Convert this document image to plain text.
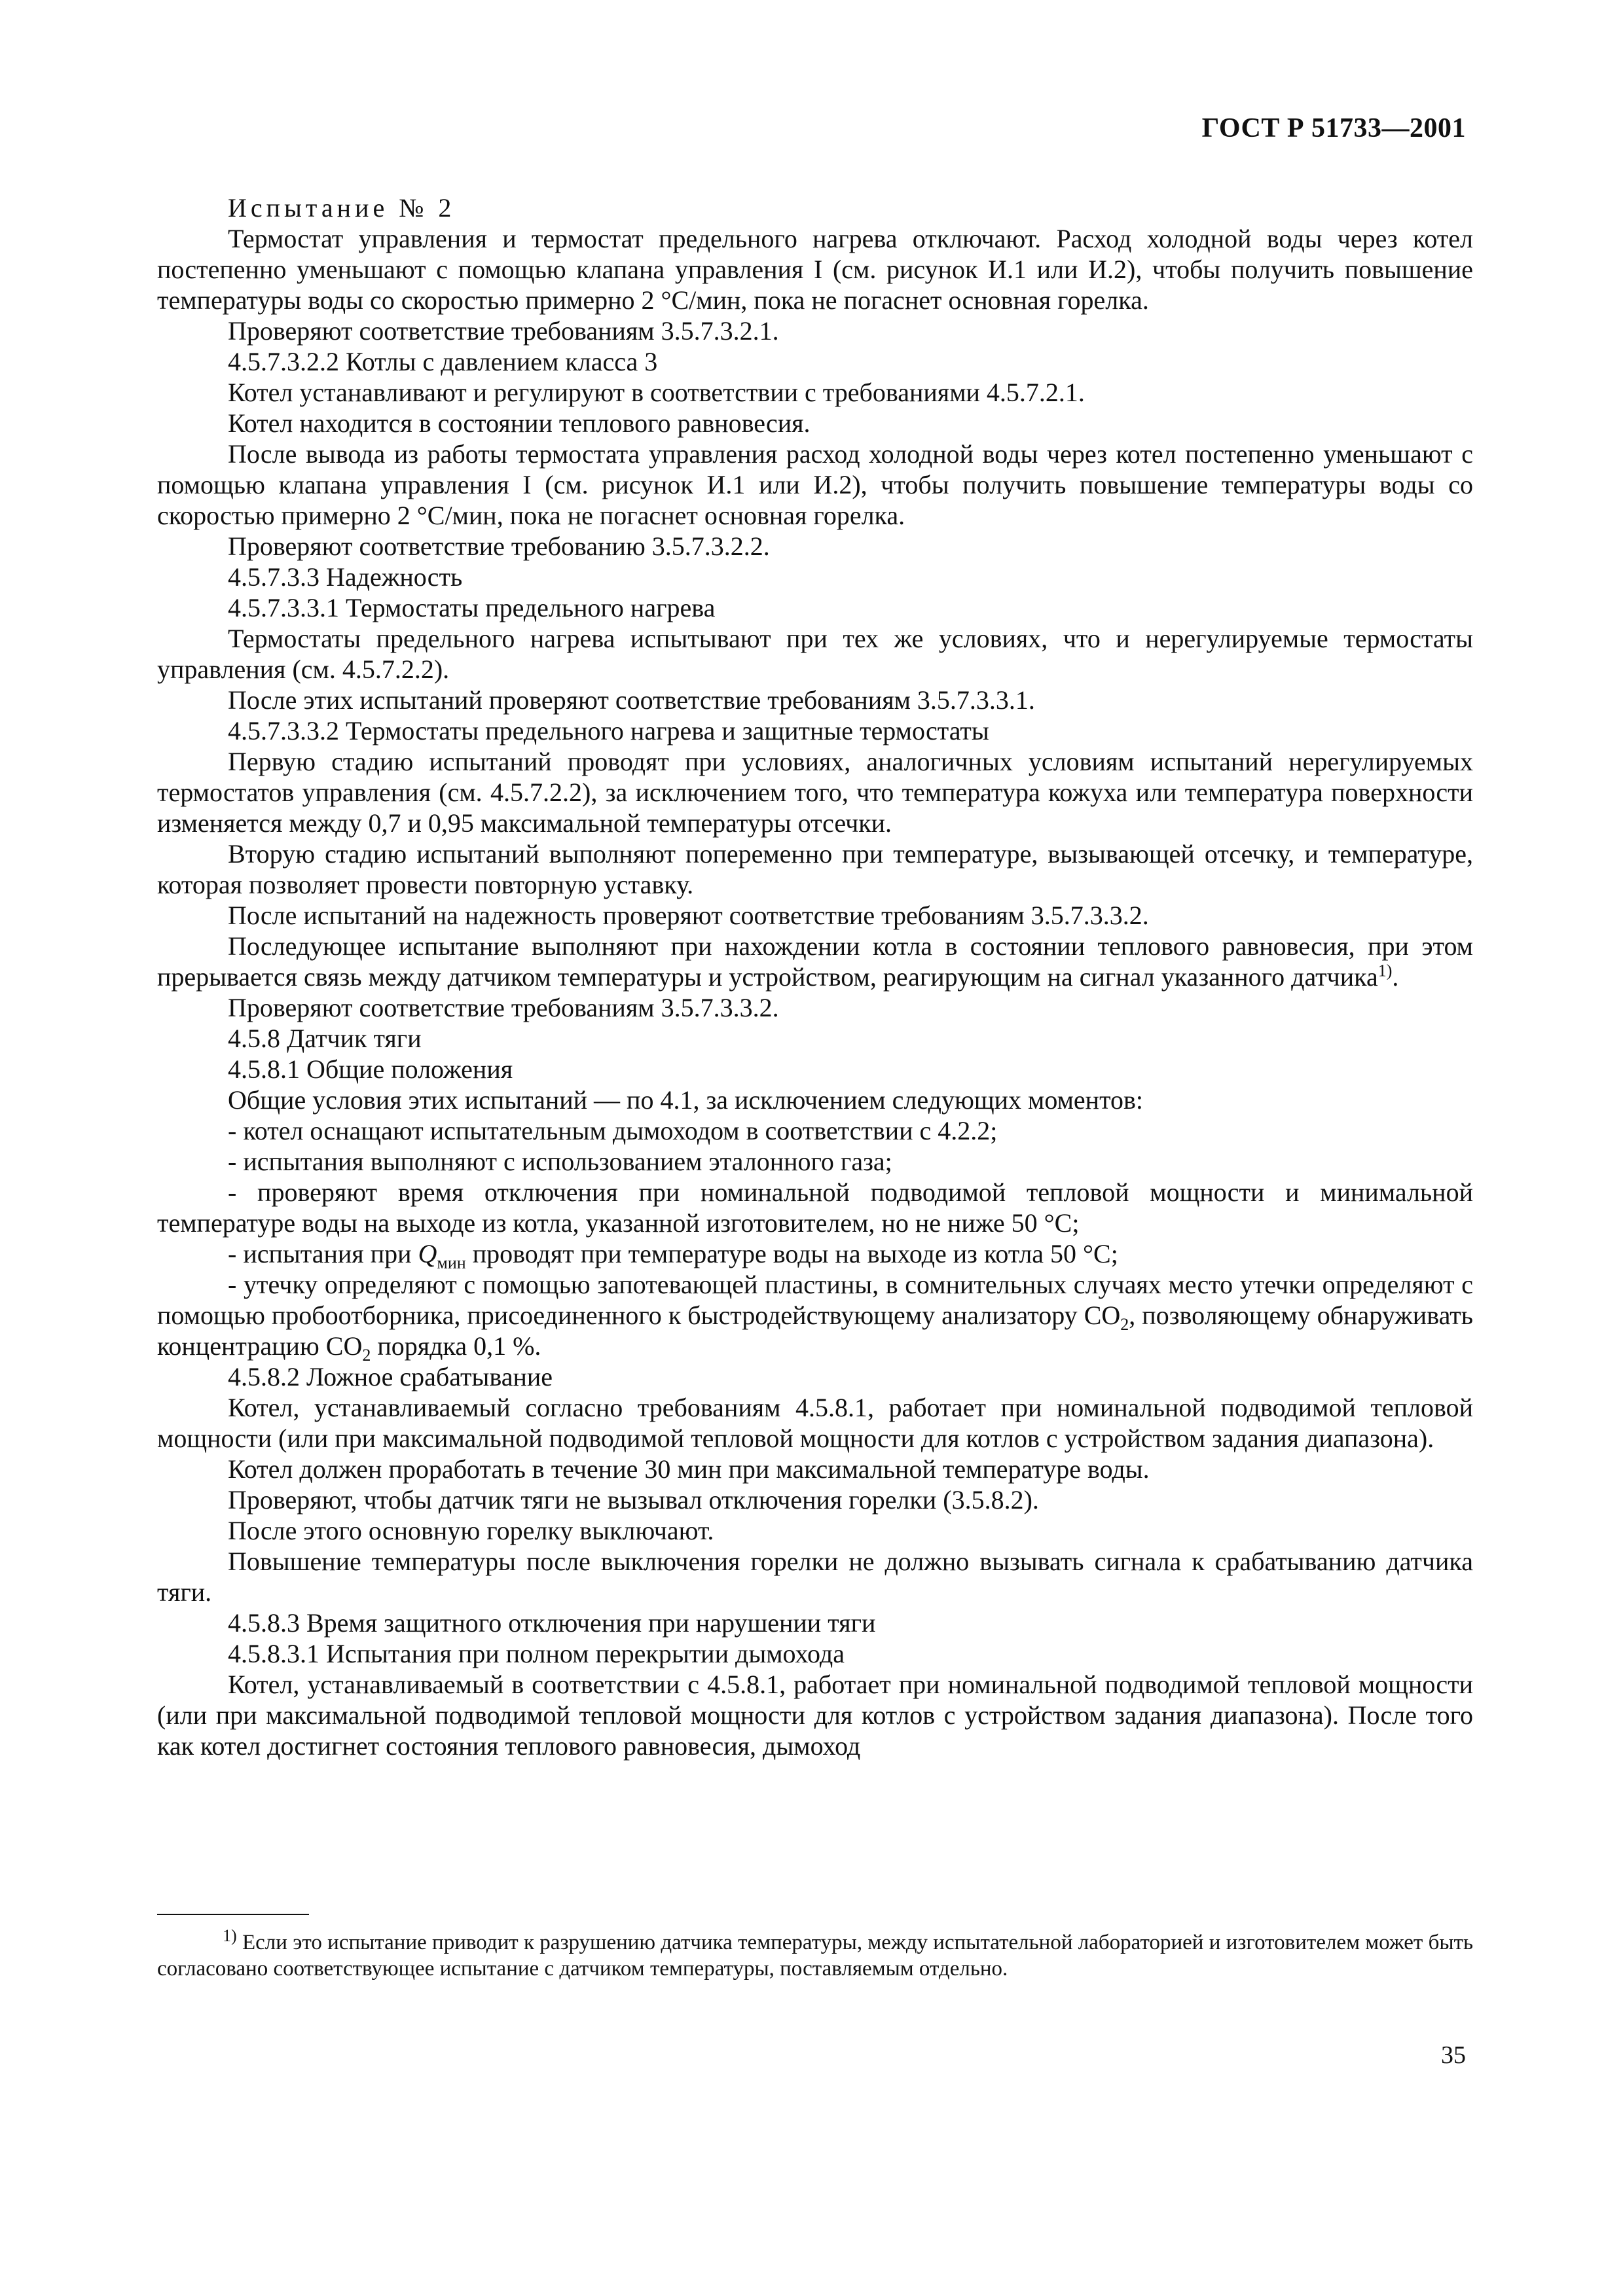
ГОСТ Р 51733—2001

Испытание № 2

Термостат управления и термостат предельного нагрева отключают. Расход холодной воды через котел постепенно уменьшают с помощью клапана управления I (см. рисунок И.1 или И.2), чтобы получить повышение температуры воды со скоростью примерно 2 °С/мин, пока не погаснет основная горелка.

Проверяют соответствие требованиям 3.5.7.3.2.1.

4.5.7.3.2.2 Котлы с давлением класса 3

Котел устанавливают и регулируют в соответствии с требованиями 4.5.7.2.1.

Котел находится в состоянии теплового равновесия.

После вывода из работы термостата управления расход холодной воды через котел постепенно уменьшают с помощью клапана управления I (см. рисунок И.1 или И.2), чтобы получить повышение температуры воды со скоростью примерно 2 °С/мин, пока не погаснет основная горелка.

Проверяют соответствие требованию 3.5.7.3.2.2.

4.5.7.3.3 Надежность

4.5.7.3.3.1 Термостаты предельного нагрева

Термостаты предельного нагрева испытывают при тех же условиях, что и нерегулируемые термостаты управления (см. 4.5.7.2.2).

После этих испытаний проверяют соответствие требованиям 3.5.7.3.3.1.

4.5.7.3.3.2 Термостаты предельного нагрева и защитные термостаты

Первую стадию испытаний проводят при условиях, аналогичных условиям испытаний нерегулируемых термостатов управления (см. 4.5.7.2.2), за исключением того, что температура кожуха или температура поверхности изменяется между 0,7 и 0,95 максимальной температуры отсечки.

Вторую стадию испытаний выполняют попеременно при температуре, вызывающей отсечку, и температуре, которая позволяет провести повторную уставку.

После испытаний на надежность проверяют соответствие требованиям 3.5.7.3.3.2.

Последующее испытание выполняют при нахождении котла в состоянии теплового равновесия, при этом прерывается связь между датчиком температуры и устройством, реагирующим на сигнал указанного датчика$^{1)}$.

Проверяют соответствие требованиям 3.5.7.3.3.2.

4.5.8 Датчик тяги

4.5.8.1 Общие положения

Общие условия этих испытаний — по 4.1, за исключением следующих моментов:

- котел оснащают испытательным дымоходом в соответствии с 4.2.2;
- испытания выполняют с использованием эталонного газа;
- проверяют время отключения при номинальной подводимой тепловой мощности и минимальной температуре воды на выходе из котла, указанной изготовителем, но не ниже 50 °С;
- испытания при $Q_{мин}$ проводят при температуре воды на выходе из котла 50 °С;
- утечку определяют с помощью запотевающей пластины, в сомнительных случаях место утечки определяют с помощью пробоотборника, присоединенного к быстродействующему анализатору $СО_2$, позволяющему обнаруживать концентрацию $СО_2$ порядка 0,1 %.

4.5.8.2 Ложное срабатывание

Котел, устанавливаемый согласно требованиям 4.5.8.1, работает при номинальной подводимой тепловой мощности (или при максимальной подводимой тепловой мощности для котлов с устройством задания диапазона).

Котел должен проработать в течение 30 мин при максимальной температуре воды.

Проверяют, чтобы датчик тяги не вызывал отключения горелки (3.5.8.2).

После этого основную горелку выключают.

Повышение температуры после выключения горелки не должно вызывать сигнала к срабатыванию датчика тяги.

4.5.8.3 Время защитного отключения при нарушении тяги

4.5.8.3.1 Испытания при полном перекрытии дымохода

Котел, устанавливаемый в соответствии с 4.5.8.1, работает при номинальной подводимой тепловой мощности (или при максимальной подводимой тепловой мощности для котлов с устройством задания диапазона). После того как котел достигнет состояния теплового равновесия, дымоход

$^{1)}$ Если это испытание приводит к разрушению датчика температуры, между испытательной лабораторией и изготовителем может быть согласовано соответствующее испытание с датчиком температуры, поставляемым отдельно.
35
